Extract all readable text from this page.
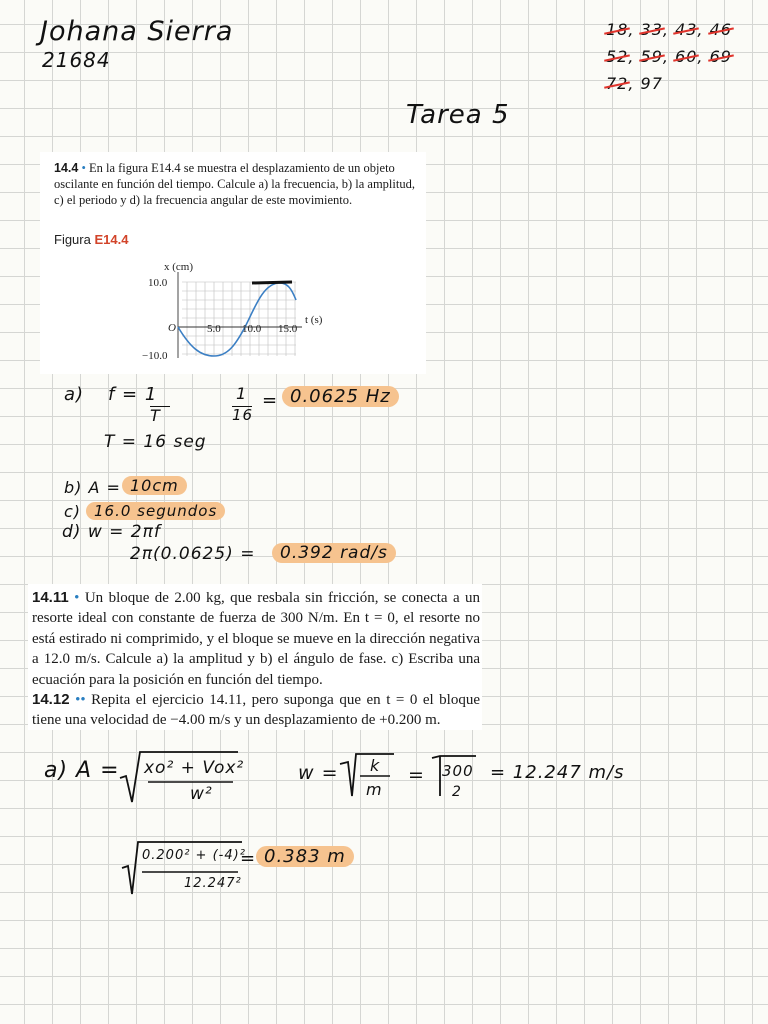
Johana Sierra
21684
Tarea 5
18, 33, 43, 46
52, 59, 60, 69
72, 97
14.4 • En la figura E14.4 se muestra el desplazamiento de un objeto oscilante en función del tiempo. Calcule a) la frecuencia, b) la amplitud, c) el periodo y d) la frecuencia angular de este movimiento.
Figura E14.4
x (cm)
t (s)
10.0
−10.0
O	5.0 10.0 15.0
a) f = 1
T
1
16
= 0.0625 Hz
T = 16 seg
b) A = 10cm
c) 16.0 segundos
d) w = 2πf
2π(0.0625) =	0.392 rad/s
14.11 • Un bloque de 2.00 kg, que resbala sin fricción, se conecta a un resorte ideal con constante de fuerza de 300 N/m. En t = 0, el resorte no está estirado ni comprimido, y el bloque se mueve en la dirección negativa a 12.0 m/s. Calcule a) la amplitud y b) el ángulo de fase. c) Escriba una ecuación para la posición en función del tiempo.
14.12 •• Repita el ejercicio 14.11, pero suponga que en t = 0 el bloque tiene una velocidad de −4.00 m/s y un desplazamiento de +0.200 m.
a) A = xo² + Vox²
w²
w = k
m
= 300
2
= 12.247 m/s
0.200² + (-4)²
12.247²
= 0.383 m
